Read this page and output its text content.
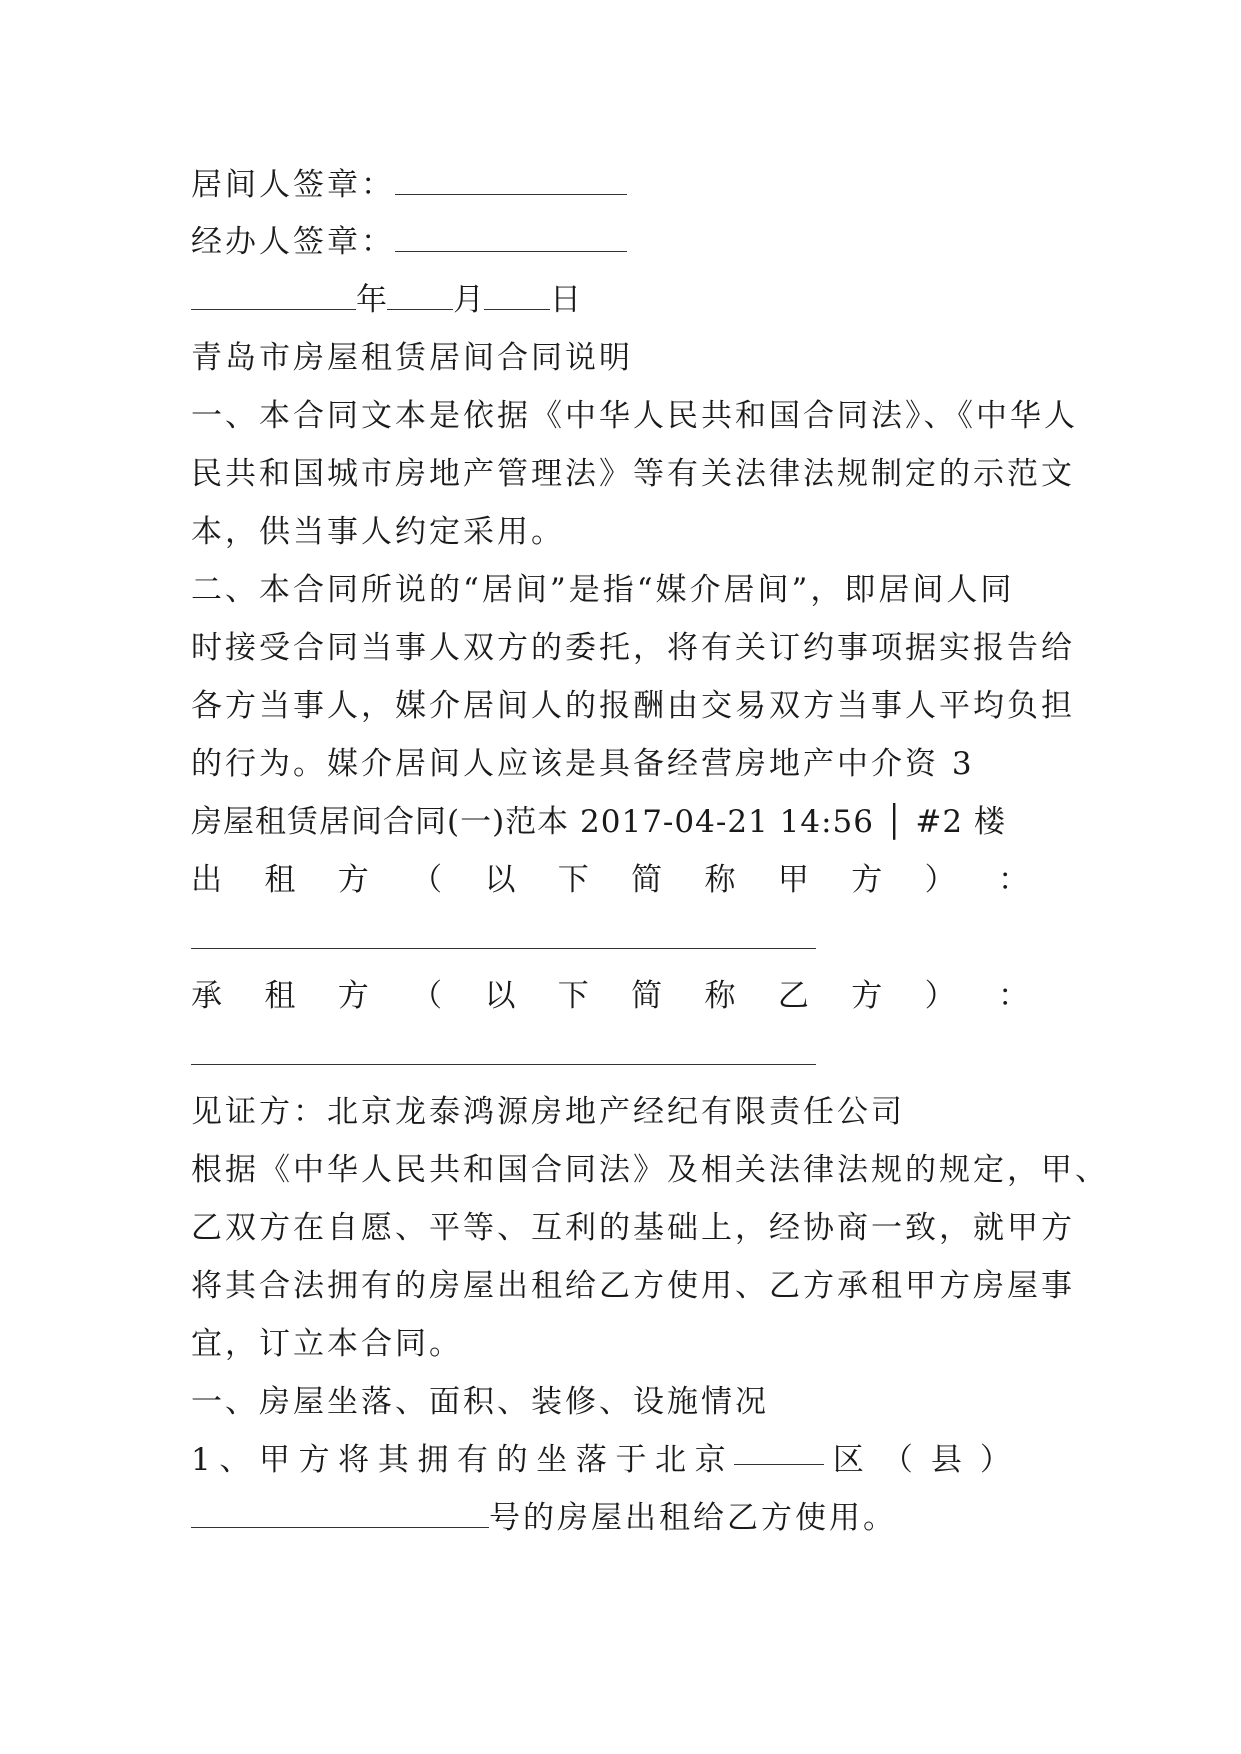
居间人签章：
经办人签章：
年 月 日
青岛市房屋租赁居间合同说明
一、本合同文本是依据《中华人民共和国合同法》、《中华人
民共和国城市房地产管理法》等有关法律法规制定的示范文
本，供当事人约定采用。
二、本合同所说的“居间”是指“媒介居间”，即居间人同
时接受合同当事人双方的委托，将有关订约事项据实报告给
各方当事人，媒介居间人的报酬由交易双方当事人平均负担
的行为。媒介居间人应该是具备经营房地产中介资 3
房屋租赁居间合同(一)范本 2017-04-21 14:56 │ #2 楼
出 租 方 （ 以 下 简 称 甲 方 ） ：
承 租 方 （ 以 下 简 称 乙 方 ） ：
见证方：北京龙泰鸿源房地产经纪有限责任公司
根据《中华人民共和国合同法》及相关法律法规的规定，甲、
乙双方在自愿、平等、互利的基础上，经协商一致，就甲方
将其合法拥有的房屋出租给乙方使用、乙方承租甲方房屋事
宜，订立本合同。
一、房屋坐落、面积、装修、设施情况
1 、 甲 方 将 其 拥 有 的 坐 落 于 北 京	区（县）
号的房屋出租给乙方使用。
